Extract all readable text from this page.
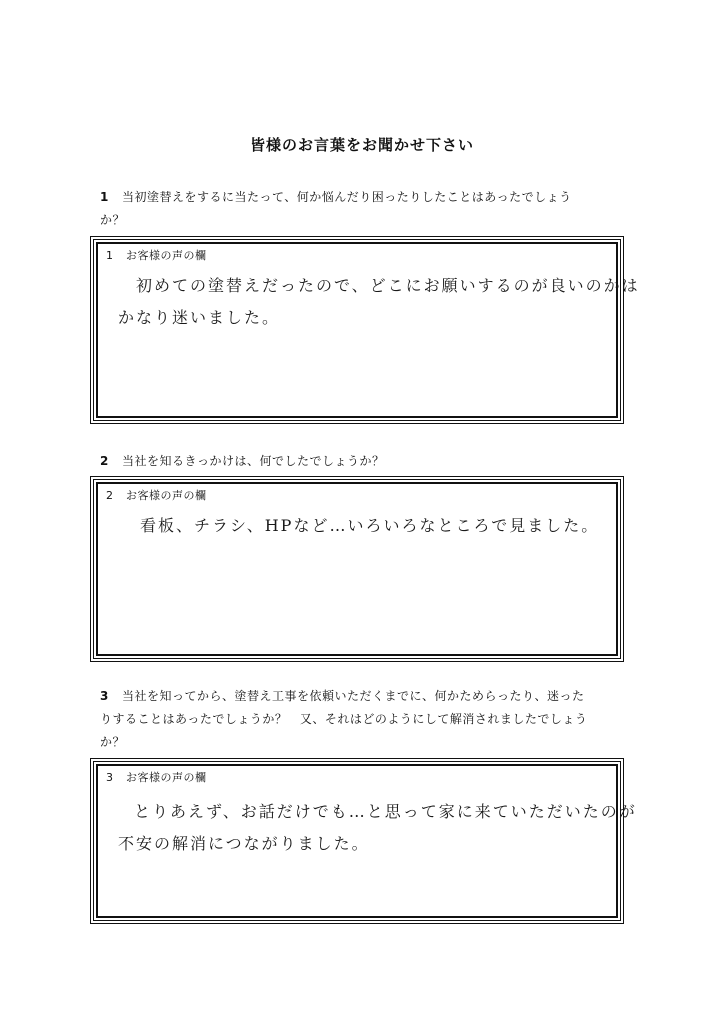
皆様のお言葉をお聞かせ下さい
1 当初塗替えをするに当たって、何か悩んだり困ったりしたことはあったでしょう
か？
1 お客様の声の欄
初めての塗替えだったので、どこにお願いするのが良いのかは
かなり迷いました。
2 当社を知るきっかけは、何でしたでしょうか？
2 お客様の声の欄
看板、チラシ、HPなど…いろいろなところで見ました。
3 当社を知ってから、塗替え工事を依頼いただくまでに、何かためらったり、迷った
りすることはあったでしょうか？　又、それはどのようにして解消されましたでしょう
か？
3 お客様の声の欄
とりあえず、お話だけでも…と思って家に来ていただいたのが
不安の解消につながりました。
